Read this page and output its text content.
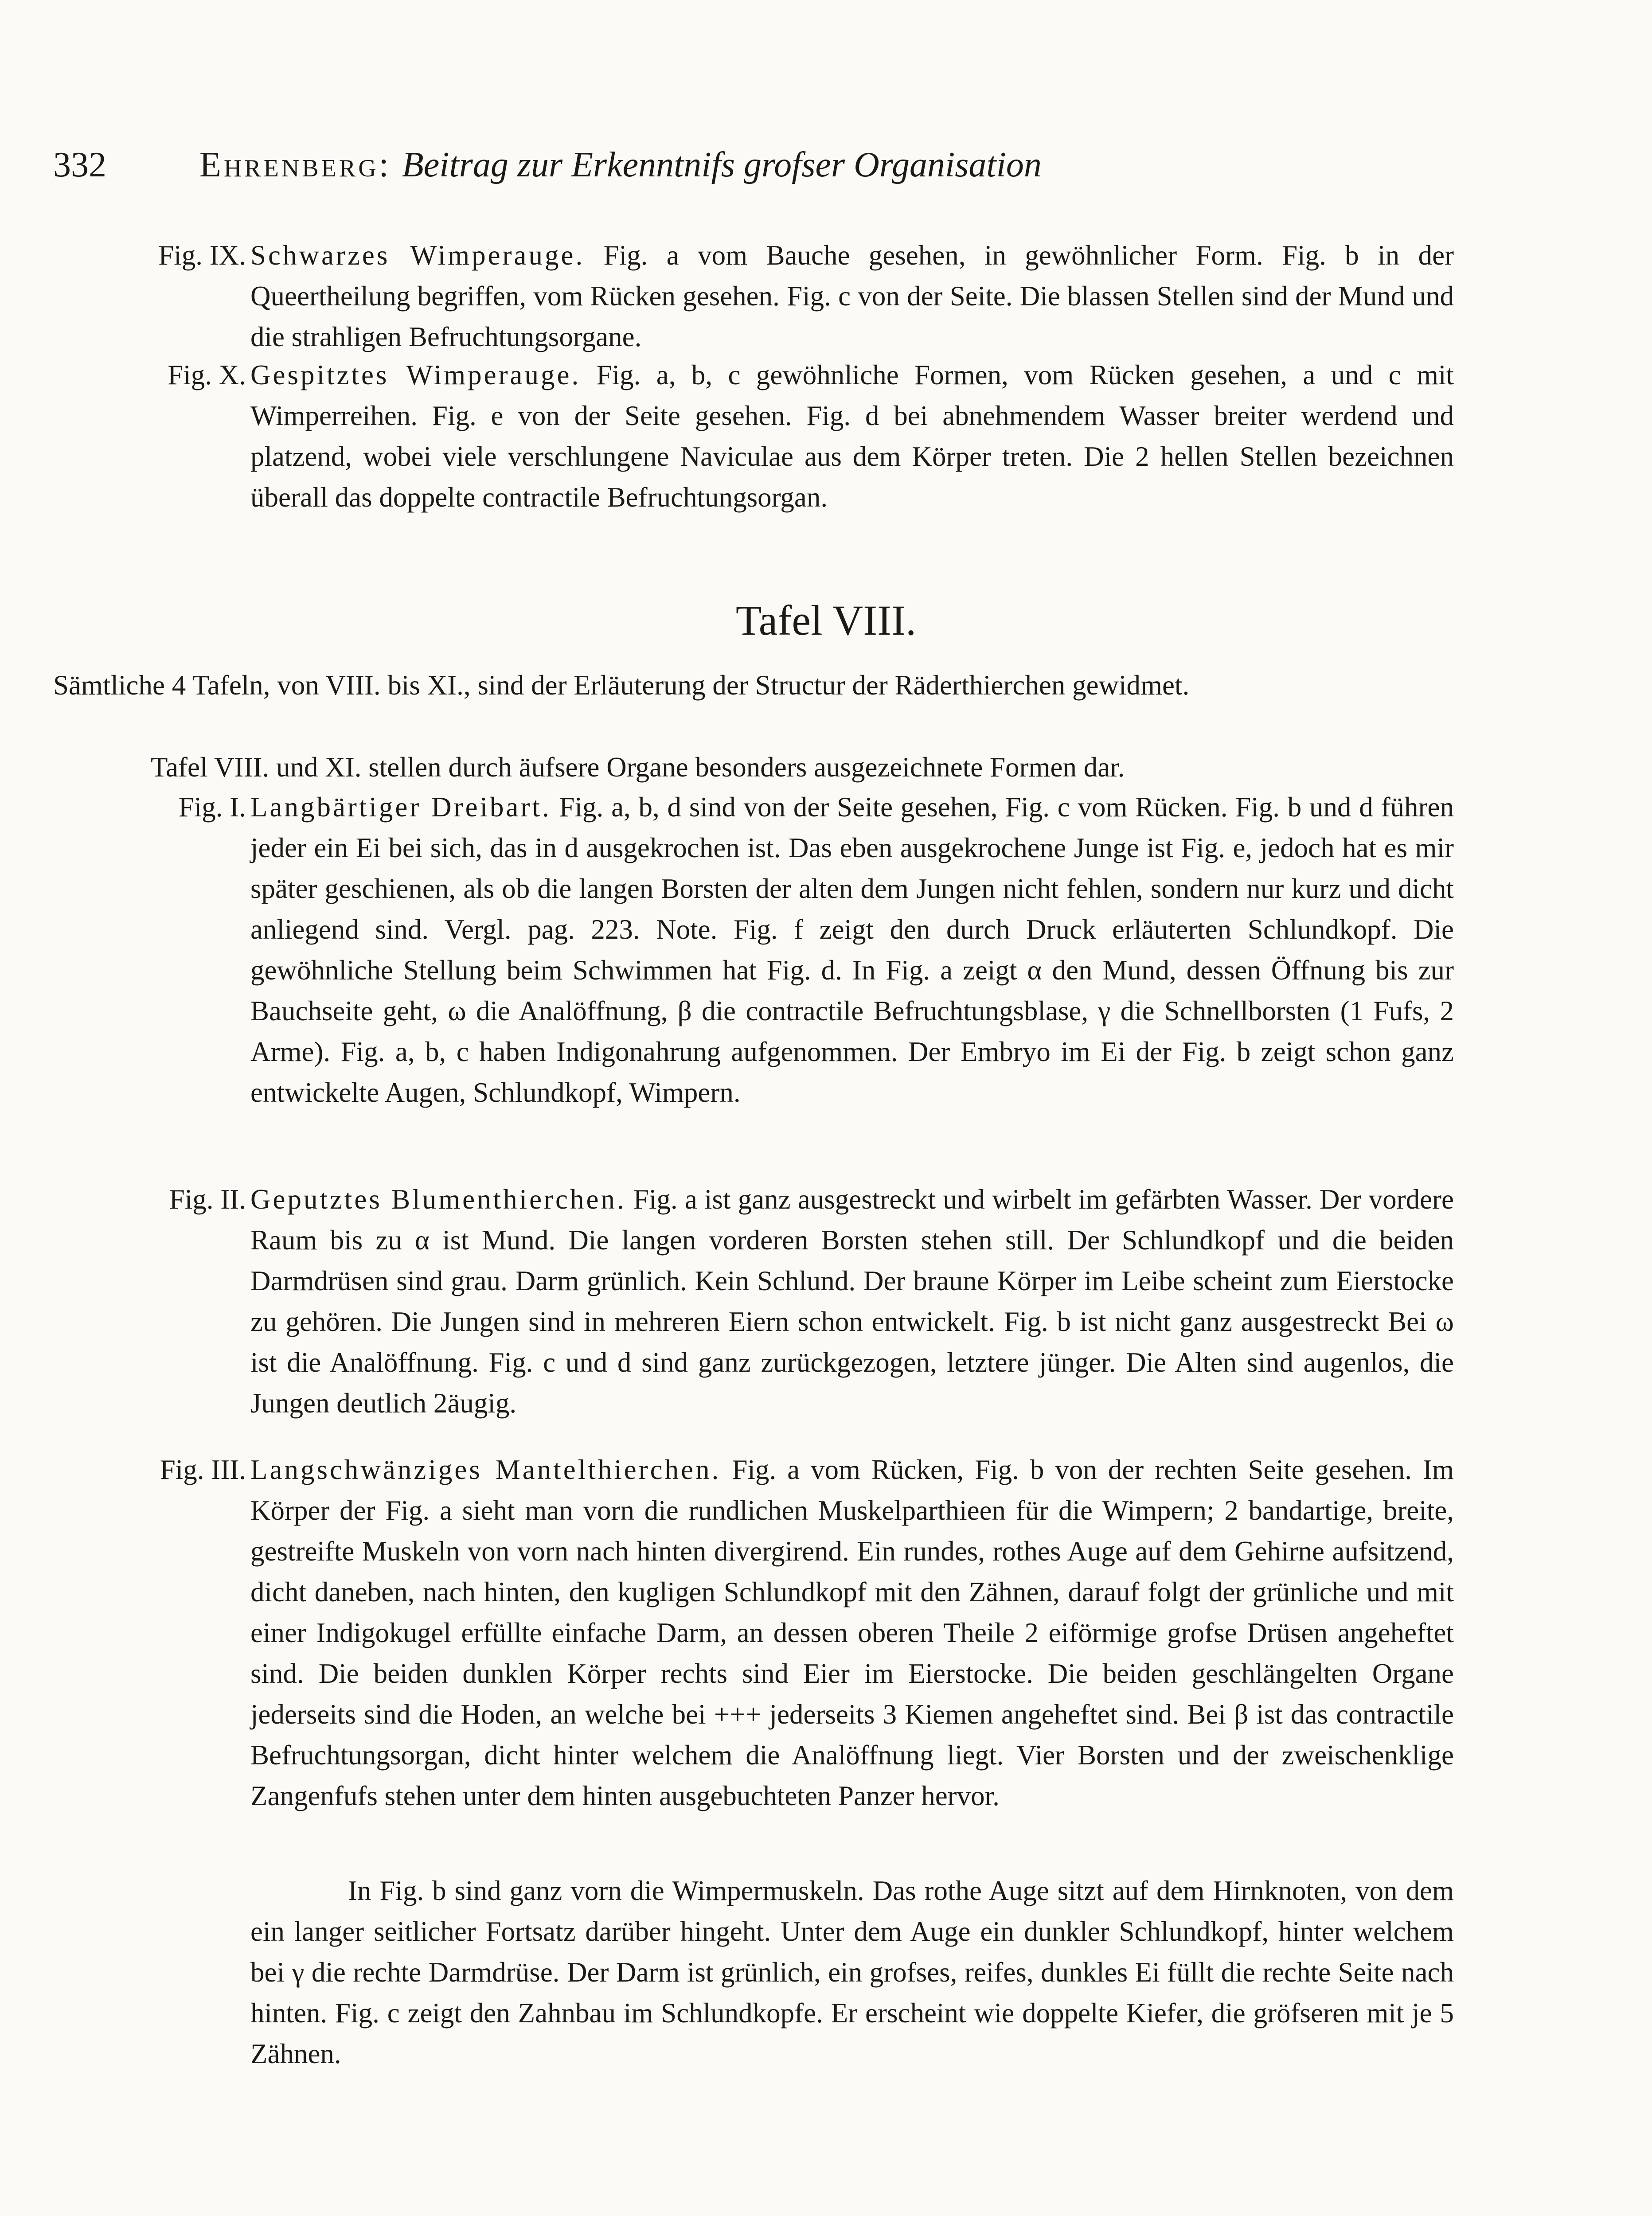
332	Ehrenberg: Beitrag zur Erkenntnifs grofser Organisation
Fig. IX. Schwarzes Wimperauge. Fig. a vom Bauche gesehen, in gewöhnlicher Form. Fig. b in der Queertheilung begriffen, vom Rücken gesehen. Fig. c von der Seite. Die blassen Stellen sind der Mund und die strahligen Befruchtungsorgane.
Fig. X. Gespitztes Wimperauge. Fig. a, b, c gewöhnliche Formen, vom Rücken gesehen, a und c mit Wimperreihen. Fig. e von der Seite gesehen. Fig. d bei abnehmendem Wasser breiter werdend und platzend, wobei viele verschlungene Naviculae aus dem Körper treten. Die 2 hellen Stellen bezeichnen überall das doppelte contractile Befruchtungsorgan.
Tafel VIII.
Sämtliche 4 Tafeln, von VIII. bis XI., sind der Erläuterung der Structur der Räderthierchen gewidmet.
Tafel VIII. und XI. stellen durch äufsere Organe besonders ausgezeichnete Formen dar.
Fig. I. Langbärtiger Dreibart. Fig. a, b, d sind von der Seite gesehen, Fig. c vom Rücken. Fig. b und d führen jeder ein Ei bei sich, das in d ausgekrochen ist. Das eben ausgekrochene Junge ist Fig. e, jedoch hat es mir später geschienen, als ob die langen Borsten der alten dem Jungen nicht fehlen, sondern nur kurz und dicht anliegend sind. Vergl. pag. 223. Note. Fig. f zeigt den durch Druck erläuterten Schlundkopf. Die gewöhnliche Stellung beim Schwimmen hat Fig. d. In Fig. a zeigt α den Mund, dessen Öffnung bis zur Bauchseite geht, ω die Analöffnung, β die contractile Befruchtungsblase, γ die Schnellborsten (1 Fufs, 2 Arme). Fig. a, b, c haben Indigonahrung aufgenommen. Der Embryo im Ei der Fig. b zeigt schon ganz entwickelte Augen, Schlundkopf, Wimpern.
Fig. II. Geputztes Blumenthierchen. Fig. a ist ganz ausgestreckt und wirbelt im gefärbten Wasser. Der vordere Raum bis zu α ist Mund. Die langen vorderen Borsten stehen still. Der Schlundkopf und die beiden Darmdrüsen sind grau. Darm grünlich. Kein Schlund. Der braune Körper im Leibe scheint zum Eierstocke zu gehören. Die Jungen sind in mehreren Eiern schon entwickelt. Fig. b ist nicht ganz ausgestreckt Bei ω ist die Analöffnung. Fig. c und d sind ganz zurückgezogen, letztere jünger. Die Alten sind augenlos, die Jungen deutlich 2äugig.
Fig. III. Langschwänziges Mantelthierchen. Fig. a vom Rücken, Fig. b von der rechten Seite gesehen. Im Körper der Fig. a sieht man vorn die rundlichen Muskelparthieen für die Wimpern; 2 bandartige, breite, gestreifte Muskeln von vorn nach hinten divergirend. Ein rundes, rothes Auge auf dem Gehirne aufsitzend, dicht daneben, nach hinten, den kugligen Schlundkopf mit den Zähnen, darauf folgt der grünliche und mit einer Indigokugel erfüllte einfache Darm, an dessen oberen Theile 2 eiförmige grofse Drüsen angeheftet sind. Die beiden dunklen Körper rechts sind Eier im Eierstocke. Die beiden geschlängelten Organe jederseits sind die Hoden, an welche bei +++ jederseits 3 Kiemen angeheftet sind. Bei β ist das contractile Befruchtungsorgan, dicht hinter welchem die Analöffnung liegt. Vier Borsten und der zweischenklige Zangenfufs stehen unter dem hinten ausgebuchteten Panzer hervor.
In Fig. b sind ganz vorn die Wimpermuskeln. Das rothe Auge sitzt auf dem Hirnknoten, von dem ein langer seitlicher Fortsatz darüber hingeht. Unter dem Auge ein dunkler Schlundkopf, hinter welchem bei γ die rechte Darmdrüse. Der Darm ist grünlich, ein grofses, reifes, dunkles Ei füllt die rechte Seite nach hinten. Fig. c zeigt den Zahnbau im Schlundkopfe. Er erscheint wie doppelte Kiefer, die gröfseren mit je 5 Zähnen.
